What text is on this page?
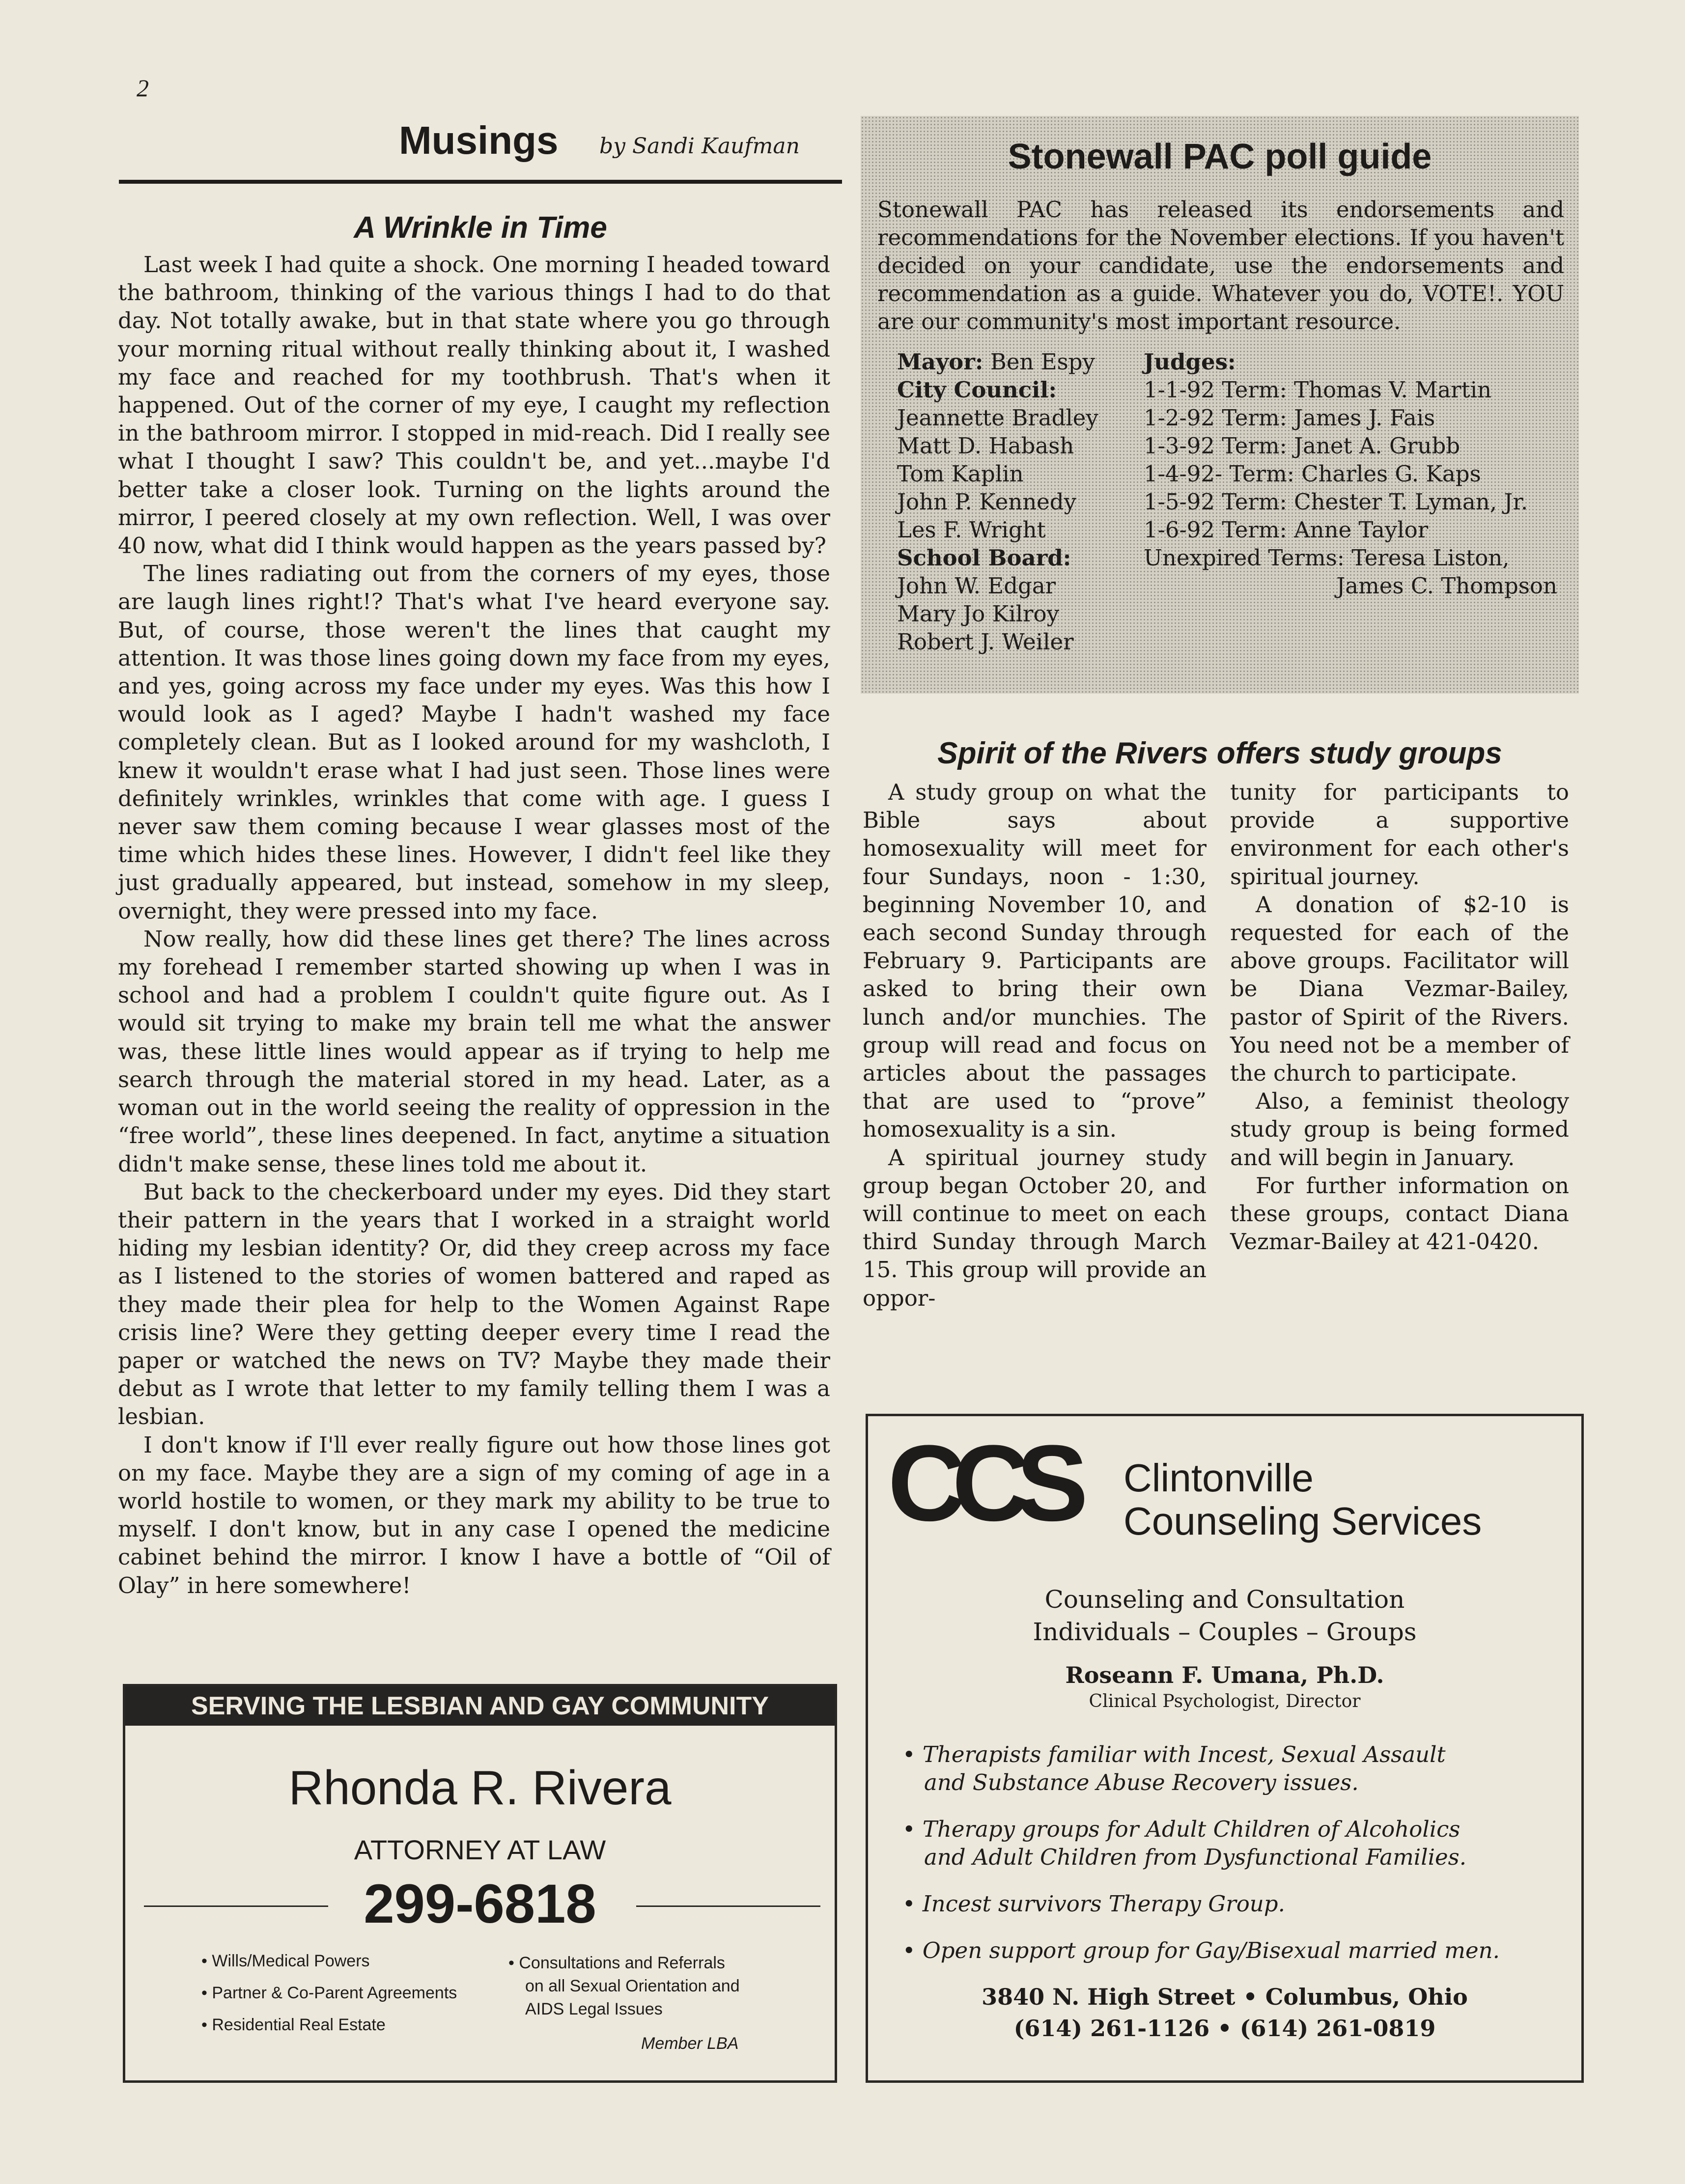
2
Musings by Sandi Kaufman
A Wrinkle in Time

Last week I had quite a shock. One morning I headed toward the bathroom, thinking of the various things I had to do that day. Not totally awake, but in that state where you go through your morning ritual without really thinking about it, I washed my face and reached for my toothbrush. That's when it happened. Out of the corner of my eye, I caught my reflection in the bathroom mirror. I stopped in mid-reach. Did I really see what I thought I saw? This couldn't be, and yet...maybe I'd better take a closer look. Turning on the lights around the mirror, I peered closely at my own reflection. Well, I was over 40 now, what did I think would happen as the years passed by?

The lines radiating out from the corners of my eyes, those are laugh lines right!? That's what I've heard everyone say. But, of course, those weren't the lines that caught my attention. It was those lines going down my face from my eyes, and yes, going across my face under my eyes. Was this how I would look as I aged? Maybe I hadn't washed my face completely clean. But as I looked around for my washcloth, I knew it wouldn't erase what I had just seen. Those lines were definitely wrinkles, wrinkles that come with age. I guess I never saw them coming because I wear glasses most of the time which hides these lines. However, I didn't feel like they just gradually appeared, but instead, somehow in my sleep, overnight, they were pressed into my face.

Now really, how did these lines get there? The lines across my forehead I remember started showing up when I was in school and had a problem I couldn't quite figure out. As I would sit trying to make my brain tell me what the answer was, these little lines would appear as if trying to help me search through the material stored in my head. Later, as a woman out in the world seeing the reality of oppression in the “free world”, these lines deepened. In fact, anytime a situation didn't make sense, these lines told me about it.

But back to the checkerboard under my eyes. Did they start their pattern in the years that I worked in a straight world hiding my lesbian identity? Or, did they creep across my face as I listened to the stories of women battered and raped as they made their plea for help to the Women Against Rape crisis line? Were they getting deeper every time I read the paper or watched the news on TV? Maybe they made their debut as I wrote that letter to my family telling them I was a lesbian.

I don't know if I'll ever really figure out how those lines got on my face. Maybe they are a sign of my coming of age in a world hostile to women, or they mark my ability to be true to myself. I don't know, but in any case I opened the medicine cabinet behind the mirror. I know I have a bottle of “Oil of Olay” in here somewhere!

Stonewall PAC poll guide
Stonewall PAC has released its endorsements and recommendations for the November elections. If you haven't decided on your candidate, use the endorsements and recommendation as a guide. Whatever you do, VOTE!. YOU are our community's most important resource.
Mayor: Ben Espy
City Council:
Jeannette Bradley
Matt D. Habash
Tom Kaplin
John P. Kennedy
Les F. Wright
School Board:
John W. Edgar
Mary Jo Kilroy
Robert J. Weiler
Judges:
1-1-92 Term: Thomas V. Martin
1-2-92 Term: James J. Fais
1-3-92 Term: Janet A. Grubb
1-4-92- Term: Charles G. Kaps
1-5-92 Term: Chester T. Lyman, Jr.
1-6-92 Term: Anne Taylor
Unexpired Terms: Teresa Liston,
James C. Thompson
Spirit of the Rivers offers study groups

A study group on what the Bible says about homosexuality will meet for four Sundays, noon - 1:30, beginning November 10, and each second Sunday through February 9. Participants are asked to bring their own lunch and/or munchies. The group will read and focus on articles about the passages that are used to “prove” homosexuality is a sin.

A spiritual journey study group began October 20, and will continue to meet on each third Sunday through March 15. This group will provide an oppor-

tunity for participants to provide a supportive environment for each other's spiritual journey.

A donation of $2-10 is requested for each of the above groups. Facilitator will be Diana Vezmar-Bailey, pastor of Spirit of the Rivers. You need not be a member of the church to participate.

Also, a feminist theology study group is being formed and will begin in January.

For further information on these groups, contact Diana Vezmar-Bailey at 421-0420.

SERVING THE LESBIAN AND GAY COMMUNITY
Rhonda R. Rivera
ATTORNEY AT LAW
299-6818
• Wills/Medical Powers
• Partner & Co-Parent Agreements
• Residential Real Estate
• Consultations and Referrals
on all Sexual Orientation and
AIDS Legal Issues
Member LBA
CCS Clintonville
Counseling Services
Counseling and Consultation
Individuals – Couples – Groups
Roseann F. Umana, Ph.D.
Clinical Psychologist, Director
• Therapists familiar with Incest, Sexual Assault
and Substance Abuse Recovery issues.
• Therapy groups for Adult Children of Alcoholics
and Adult Children from Dysfunctional Families.
• Incest survivors Therapy Group.
• Open support group for Gay/Bisexual married men.
3840 N. High Street • Columbus, Ohio
(614) 261-1126 • (614) 261-0819
